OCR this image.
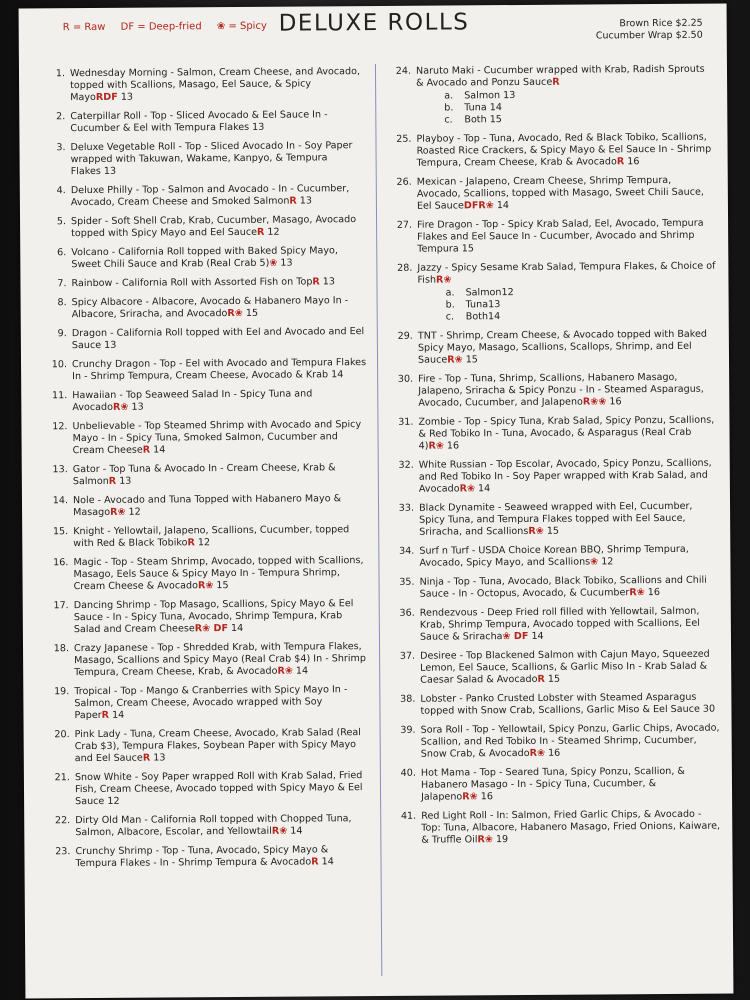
R = Raw DF = Deep-fried ❀ = Spicy DELUXE ROLLS	Brown Rice $2.25
Cucumber Wrap $2.50
1. Wednesday Morning - Salmon, Cream Cheese, and Avocado, topped with Scallions, Masago, Eel Sauce, & Spicy MayoRDF 13
2. Caterpillar Roll - Top - Sliced Avocado & Eel Sauce In - Cucumber & Eel with Tempura Flakes 13
3. Deluxe Vegetable Roll - Top - Sliced Avocado In - Soy Paper wrapped with Takuwan, Wakame, Kanpyo, & Tempura Flakes 13
4. Deluxe Philly - Top - Salmon and Avocado - In - Cucumber, Avocado, Cream Cheese and Smoked SalmonR 13
5. Spider - Soft Shell Crab, Krab, Cucumber, Masago, Avocado topped with Spicy Mayo and Eel SauceR 12
6. Volcano - California Roll topped with Baked Spicy Mayo, Sweet Chili Sauce and Krab (Real Crab 5)❀ 13
7. Rainbow - California Roll with Assorted Fish on TopR 13
8. Spicy Albacore - Albacore, Avocado & Habanero Mayo In - Albacore, Sriracha, and AvocadoR❀ 15
9. Dragon - California Roll topped with Eel and Avocado and Eel Sauce 13
10. Crunchy Dragon - Top - Eel with Avocado and Tempura Flakes In - Shrimp Tempura, Cream Cheese, Avocado & Krab 14
11. Hawaiian - Top Seaweed Salad In - Spicy Tuna and AvocadoR❀ 13
12. Unbelievable - Top Steamed Shrimp with Avocado and Spicy Mayo - In - Spicy Tuna, Smoked Salmon, Cucumber and Cream CheeseR 14
13. Gator - Top Tuna & Avocado In - Cream Cheese, Krab & SalmonR 13
14. Nole - Avocado and Tuna Topped with Habanero Mayo & MasagoR❀ 12
15. Knight - Yellowtail, Jalapeno, Scallions, Cucumber, topped with Red & Black TobikoR 12
16. Magic - Top - Steam Shrimp, Avocado, topped with Scallions, Masago, Eels Sauce & Spicy Mayo In - Tempura Shrimp, Cream Cheese & AvocadoR❀ 15
17. Dancing Shrimp - Top Masago, Scallions, Spicy Mayo & Eel Sauce - In - Spicy Tuna, Avocado, Shrimp Tempura, Krab Salad and Cream CheeseR❀ DF 14
18. Crazy Japanese - Top - Shredded Krab, with Tempura Flakes, Masago, Scallions and Spicy Mayo (Real Crab $4) In - Shrimp Tempura, Cream Cheese, Krab, & AvocadoR❀ 14
19. Tropical - Top - Mango & Cranberries with Spicy Mayo In - Salmon, Cream Cheese, Avocado wrapped with Soy PaperR 14
20. Pink Lady - Tuna, Cream Cheese, Avocado, Krab Salad (Real Crab $3), Tempura Flakes, Soybean Paper with Spicy Mayo and Eel SauceR 13
21. Snow White - Soy Paper wrapped Roll with Krab Salad, Fried Fish, Cream Cheese, Avocado topped with Spicy Mayo & Eel Sauce 12
22. Dirty Old Man - California Roll topped with Chopped Tuna, Salmon, Albacore, Escolar, and YellowtailR❀ 14
23. Crunchy Shrimp - Top - Tuna, Avocado, Spicy Mayo & Tempura Flakes - In - Shrimp Tempura & AvocadoR 14
24. Naruto Maki - Cucumber wrapped with Krab, Radish Sprouts & Avocado and Ponzu SauceR
a.	Salmon 13
b.	Tuna 14
c.	Both 15
25. Playboy - Top - Tuna, Avocado, Red & Black Tobiko, Scallions, Roasted Rice Crackers, & Spicy Mayo & Eel Sauce In - Shrimp Tempura, Cream Cheese, Krab & AvocadoR 16
26. Mexican - Jalapeno, Cream Cheese, Shrimp Tempura, Avocado, Scallions, topped with Masago, Sweet Chili Sauce, Eel SauceDFR❀ 14
27. Fire Dragon - Top - Spicy Krab Salad, Eel, Avocado, Tempura Flakes and Eel Sauce In - Cucumber, Avocado and Shrimp Tempura 15
28. Jazzy - Spicy Sesame Krab Salad, Tempura Flakes, & Choice of FishR❀
a.	Salmon12
b.	Tuna13
c.	Both14
29. TNT - Shrimp, Cream Cheese, & Avocado topped with Baked Spicy Mayo, Masago, Scallions, Scallops, Shrimp, and Eel SauceR❀ 15
30. Fire - Top - Tuna, Shrimp, Scallions, Habanero Masago, Jalapeno, Sriracha & Spicy Ponzu - In - Steamed Asparagus, Avocado, Cucumber, and JalapenoR❀❀ 16
31. Zombie - Top - Spicy Tuna, Krab Salad, Spicy Ponzu, Scallions, & Red Tobiko In - Tuna, Avocado, & Asparagus (Real Crab 4)R❀ 16
32. White Russian - Top Escolar, Avocado, Spicy Ponzu, Scallions, and Red Tobiko In - Soy Paper wrapped with Krab Salad, and AvocadoR❀ 14
33. Black Dynamite - Seaweed wrapped with Eel, Cucumber, Spicy Tuna, and Tempura Flakes topped with Eel Sauce, Sriracha, and ScallionsR❀ 15
34. Surf n Turf - USDA Choice Korean BBQ, Shrimp Tempura, Avocado, Spicy Mayo, and Scallions❀ 12
35. Ninja - Top - Tuna, Avocado, Black Tobiko, Scallions and Chili Sauce - In - Octopus, Avocado, & CucumberR❀ 16
36. Rendezvous - Deep Fried roll filled with Yellowtail, Salmon, Krab, Shrimp Tempura, Avocado topped with Scallions, Eel Sauce & Sriracha❀ DF 14
37. Desiree - Top Blackened Salmon with Cajun Mayo, Squeezed Lemon, Eel Sauce, Scallions, & Garlic Miso In - Krab Salad & Caesar Salad & AvocadoR 15
38. Lobster - Panko Crusted Lobster with Steamed Asparagus topped with Snow Crab, Scallions, Garlic Miso & Eel Sauce 30
39. Sora Roll - Top - Yellowtail, Spicy Ponzu, Garlic Chips, Avocado, Scallion, and Red Tobiko In - Steamed Shrimp, Cucumber, Snow Crab, & AvocadoR❀ 16
40. Hot Mama - Top - Seared Tuna, Spicy Ponzu, Scallion, & Habanero Masago - In - Spicy Tuna, Cucumber, & JalapenoR❀ 16
41. Red Light Roll - In: Salmon, Fried Garlic Chips, & Avocado - Top: Tuna, Albacore, Habanero Masago, Fried Onions, Kaiware, & Truffle OilR❀ 19
